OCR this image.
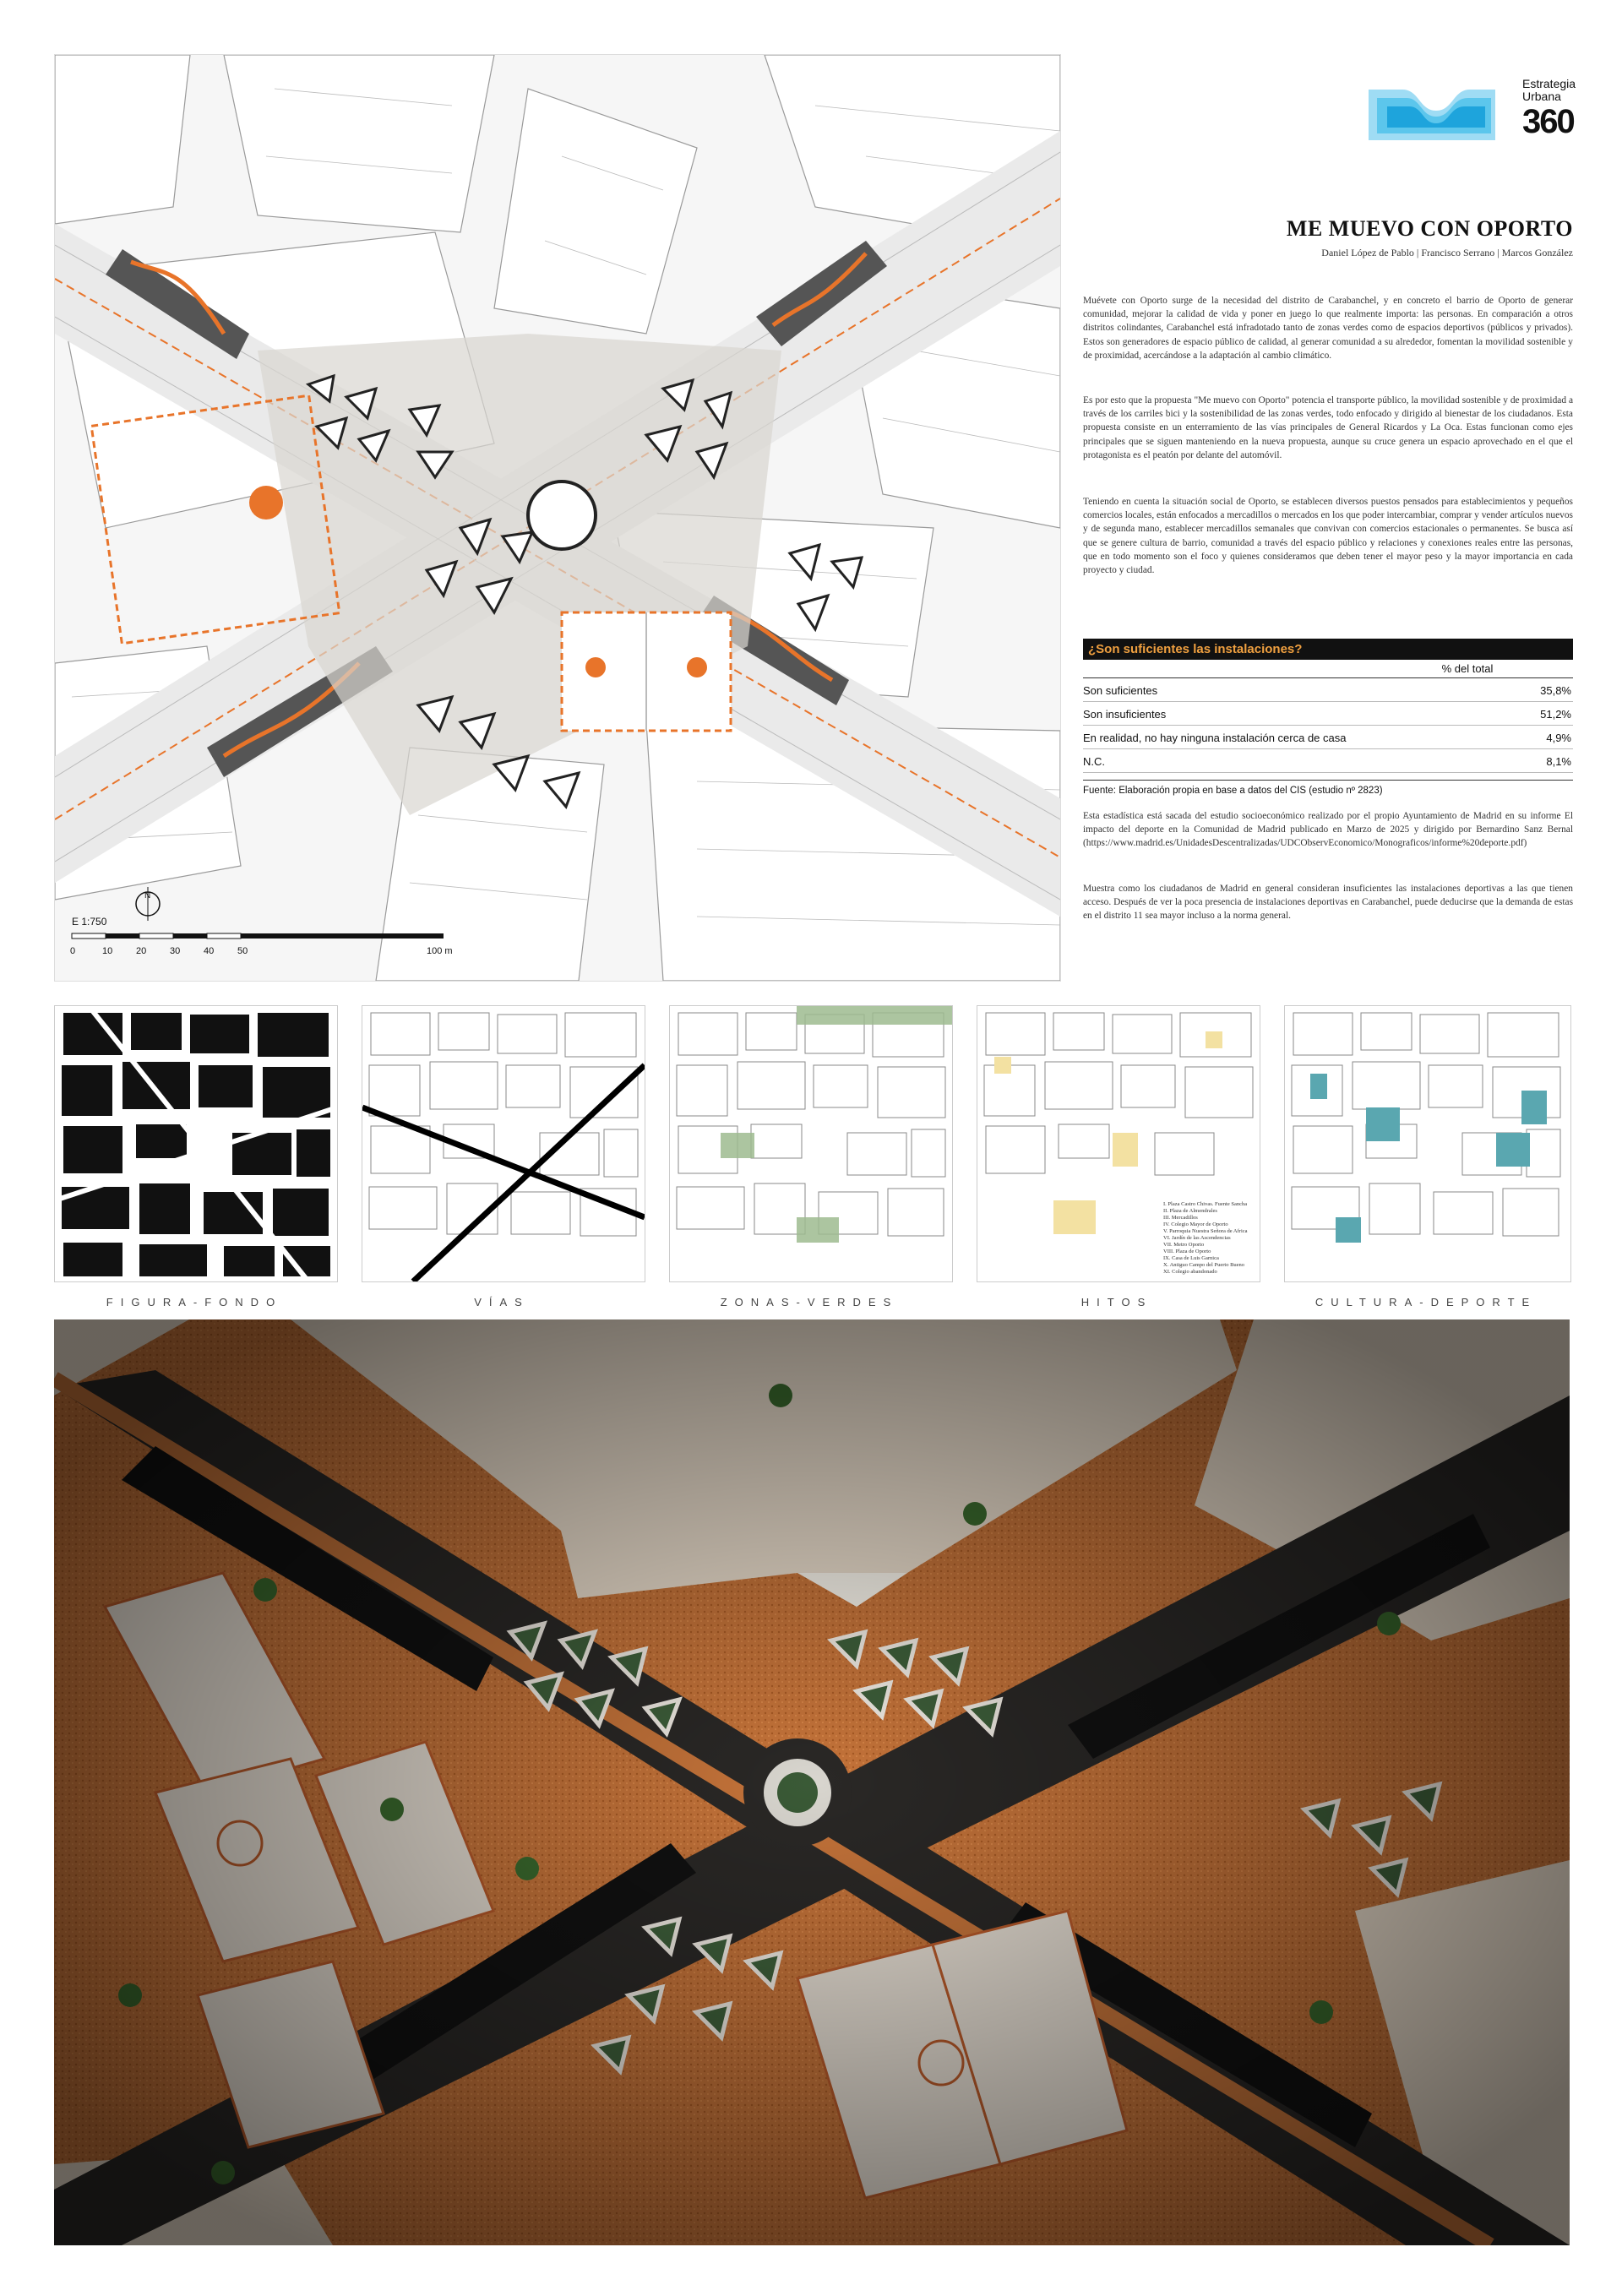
E 1:750
0	10	20	30	40	50	100 m
N
Estrategia
Urbana
360
ME MUEVO CON OPORTO
Daniel López de Pablo | Francisco Serrano | Marcos González

Muévete con Oporto surge de la necesidad del distrito de Carabanchel, y en concreto el barrio de Oporto de generar comunidad, mejorar la calidad de vida y poner en juego lo que realmente importa: las personas. En comparación a otros distritos colindantes, Carabanchel está infradotado tanto de zonas verdes como de espacios deportivos (públicos y privados). Estos son generadores de espacio público de calidad, al generar comunidad a su alrededor, fomentan la movilidad sostenible y de proximidad, acercándose a la adaptación al cambio climático.

Es por esto que la propuesta "Me muevo con Oporto" potencia el transporte público, la movilidad sostenible y de proximidad a través de los carriles bici y la sostenibilidad de las zonas verdes, todo enfocado y dirigido al bienestar de los ciudadanos. Esta propuesta consiste en un enterramiento de las vías principales de General Ricardos y La Oca. Estas funcionan como ejes principales que se siguen manteniendo en la nueva propuesta, aunque su cruce genera un espacio aprovechado en el que el protagonista es el peatón por delante del automóvil.

Teniendo en cuenta la situación social de Oporto, se establecen diversos puestos pensados para establecimientos y pequeños comercios locales, están enfocados a mercadillos o mercados en los que poder intercambiar, comprar y vender artículos nuevos y de segunda mano, establecer mercadillos semanales que convivan con comercios estacionales o permanentes. Se busca así que se genere cultura de barrio, comunidad a través del espacio público y relaciones y conexiones reales entre las personas, que en todo momento son el foco y quienes consideramos que deben tener el mayor peso y la mayor importancia en cada proyecto y ciudad.

¿Son suficientes las instalaciones?
% del total
Son suficientes	35,8%
Son insuficientes	51,2%
En realidad, no hay ninguna instalación cerca de casa	4,9%
N.C.	8,1%
Fuente: Elaboración propia en base a datos del CIS (estudio nº 2823)

Esta estadística está sacada del estudio socioeconómico realizado por el propio Ayuntamiento de Madrid en su informe El impacto del deporte en la Comunidad de Madrid publicado en Marzo de 2025 y dirigido por Bernardino Sanz Bernal (https://www.madrid.es/UnidadesDescentralizadas/UDCObservEconomico/Monograficos/informe%20deporte.pdf)

Muestra como los ciudadanos de Madrid en general consideran insuficientes las instalaciones deportivas a las que tienen acceso. Después de ver la poca presencia de instalaciones deportivas en Carabanchel, puede deducirse que la demanda de estas en el distrito 11 sea mayor incluso a la norma general.

I. Plaza Castro Chivas. Fuente Sancha
II. Plaza de Almendrales
III. Mercadillos
IV. Colegio Mayor de Oporto
V. Parroquia Nuestra Señora de Africa
VI. Jardín de las Ascendencias
VII. Metro Oporto
VIII. Plaza de Oporto
IX. Casa de Luis Garnica
X. Antiguo Campo del Puerto Bueno
XI. Colegio abandonado
FIGURA-FONDO	VÍAS	ZONAS-VERDES	HITOS	CULTURA-DEPORTE
